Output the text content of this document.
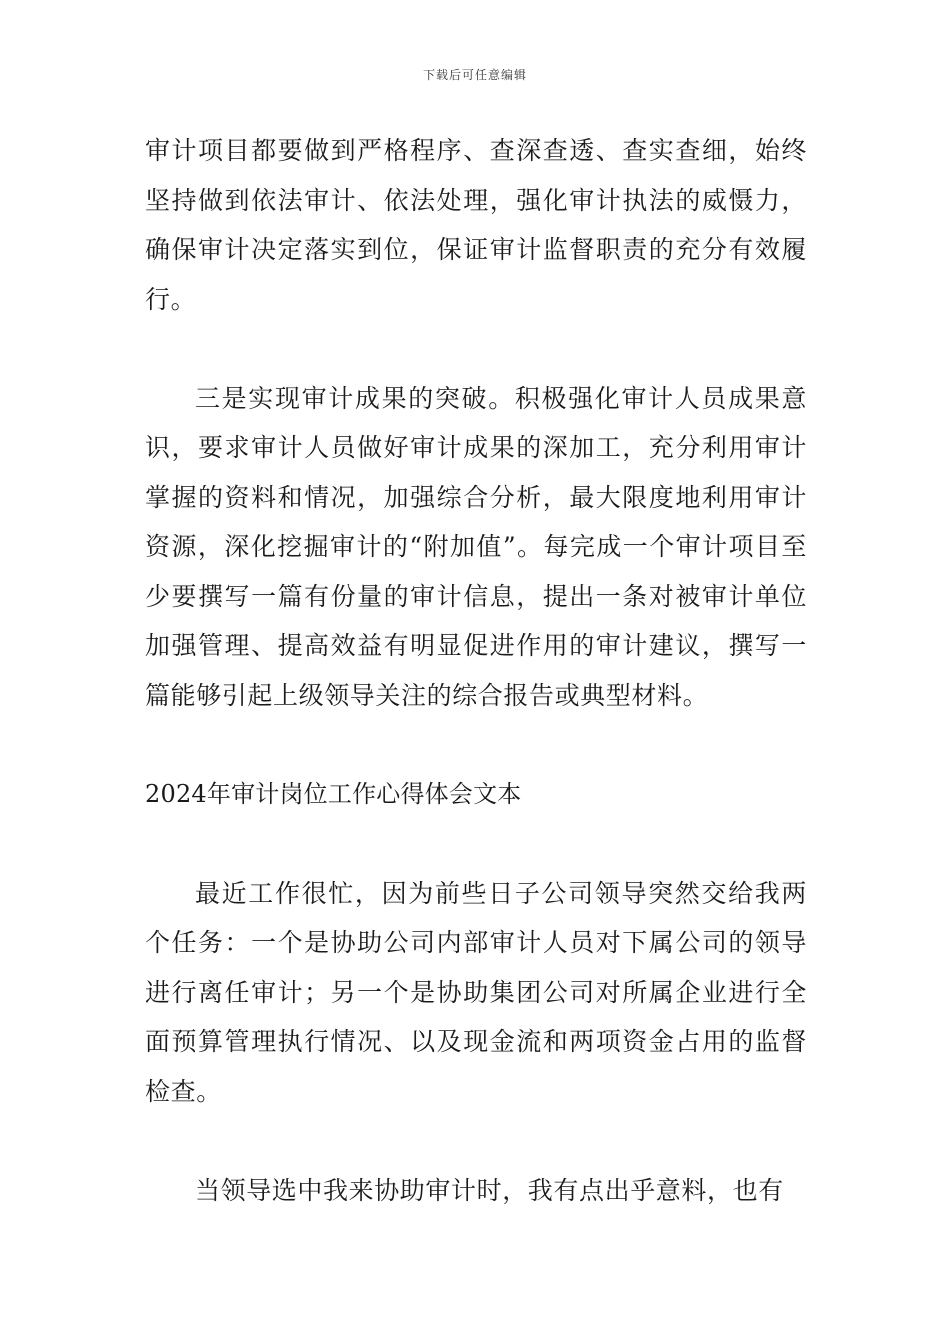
下载后可任意编辑

审计项目都要做到严格程序、查深查透、查实查细，始终坚持做到依法审计、依法处理，强化审计执法的威慑力，确保审计决定落实到位，保证审计监督职责的充分有效履行。

三是实现审计成果的突破。积极强化审计人员成果意识，要求审计人员做好审计成果的深加工，充分利用审计掌握的资料和情况，加强综合分析，最大限度地利用审计资源，深化挖掘审计的“附加值”。每完成一个审计项目至少要撰写一篇有份量的审计信息，提出一条对被审计单位加强管理、提高效益有明显促进作用的审计建议，撰写一篇能够引起上级领导关注的综合报告或典型材料。

2024年审计岗位工作心得体会文本

最近工作很忙，因为前些日子公司领导突然交给我两个任务：一个是协助公司内部审计人员对下属公司的领导进行离任审计；另一个是协助集团公司对所属企业进行全面预算管理执行情况、以及现金流和两项资金占用的监督检查。

当领导选中我来协助审计时，我有点出乎意料，也有
